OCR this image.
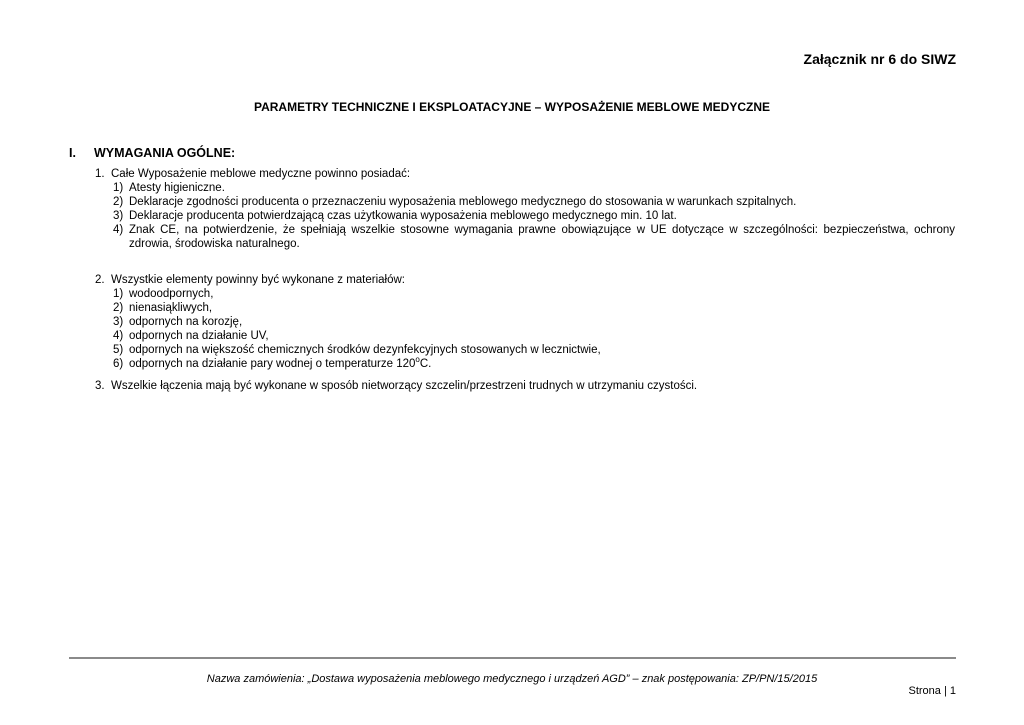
Załącznik nr 6 do SIWZ
PARAMETRY TECHNICZNE I EKSPLOATACYJNE – WYPOSAŻENIE MEBLOWE MEDYCZNE
I. WYMAGANIA OGÓLNE:
1. Całe Wyposażenie meblowe medyczne powinno posiadać:
1) Atesty higieniczne.
2) Deklaracje zgodności producenta o przeznaczeniu wyposażenia meblowego medycznego do stosowania w warunkach szpitalnych.
3) Deklaracje producenta potwierdzającą czas użytkowania wyposażenia meblowego medycznego min. 10 lat.
4) Znak CE, na potwierdzenie, że spełniają wszelkie stosowne wymagania prawne obowiązujące w UE dotyczące w szczególności: bezpieczeństwa, ochrony zdrowia, środowiska naturalnego.
2. Wszystkie elementy powinny być wykonane z materiałów:
1) wodoodpornych,
2) nienasiąkliwych,
3) odpornych na korozję,
4) odpornych na działanie UV,
5) odpornych na większość chemicznych środków dezynfekcyjnych stosowanych w lecznictwie,
6) odpornych na działanie pary wodnej o temperaturze 120$^o$C.
3. Wszelkie łączenia mają być wykonane w sposób nietworzący szczelin/przestrzeni trudnych w utrzymaniu czystości.
Nazwa zamówienia: „Dostawa wyposażenia meblowego medycznego i urządzeń AGD” – znak postępowania: ZP/PN/15/2015
Strona | 1
